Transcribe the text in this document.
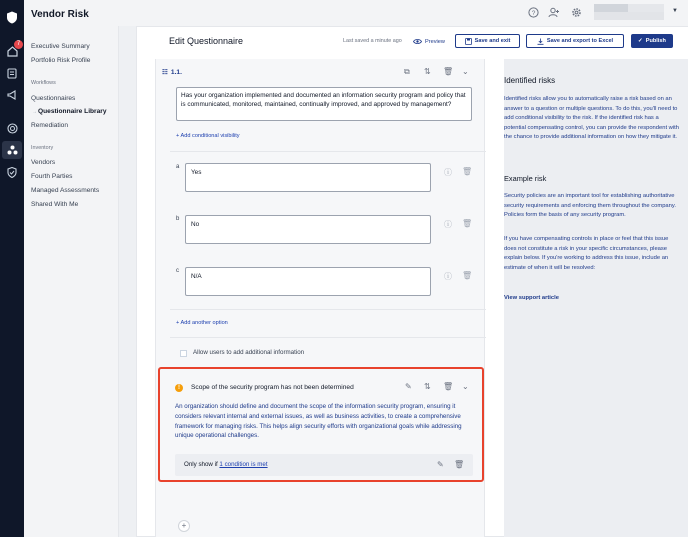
7
Vendor Risk	?	▼
Executive Summary
Portfolio Risk Profile
Workflows
Questionnaires
→ Questionnaire Library
Remediation
Inventory
Vendors
Fourth Parties
Managed Assessments
Shared With Me
Edit Questionnaire	Last saved a minute ago	Preview	Save and exit	Save and export to Excel	✓ Publish
☷ 1.1.	⧉ ⇅ 🗑 ⌄
Has your organization implemented and documented an information security program and policy that is communicated, monitored, maintained, continually improved, and approved by management?
+ Add conditional visibility
a
Yes	ⓘ 🗑
b
No	ⓘ 🗑
c
N/A	ⓘ 🗑
+ Add another option
Allow users to add additional information
+
!	Scope of the security program has not been determined	✎ ⇅ 🗑 ⌄
An organization should define and document the scope of the information security program, ensuring it considers relevant internal and external issues, as well as business activities, to create a comprehensive framework for managing risks. This helps align security efforts with organizational goals while addressing unique operational challenges.
Only show if 1 condition is met	✎ 🗑
Identified risks
Identified risks allow you to automatically raise a risk based on an answer to a question or multiple questions. To do this, you'll need to add conditional visibility to the risk. If the identified risk has a potential compensating control, you can provide the respondent with the chance to provide additional information on how they mitigate it.
Example risk
Security policies are an important tool for establishing authoritative security requirements and enforcing them throughout the company. Policies form the basis of any security program.
If you have compensating controls in place or feel that this issue does not constitute a risk in your specific circumstances, please explain below. If you're working to address this issue, include an estimate of when it will be resolved:
View support article
